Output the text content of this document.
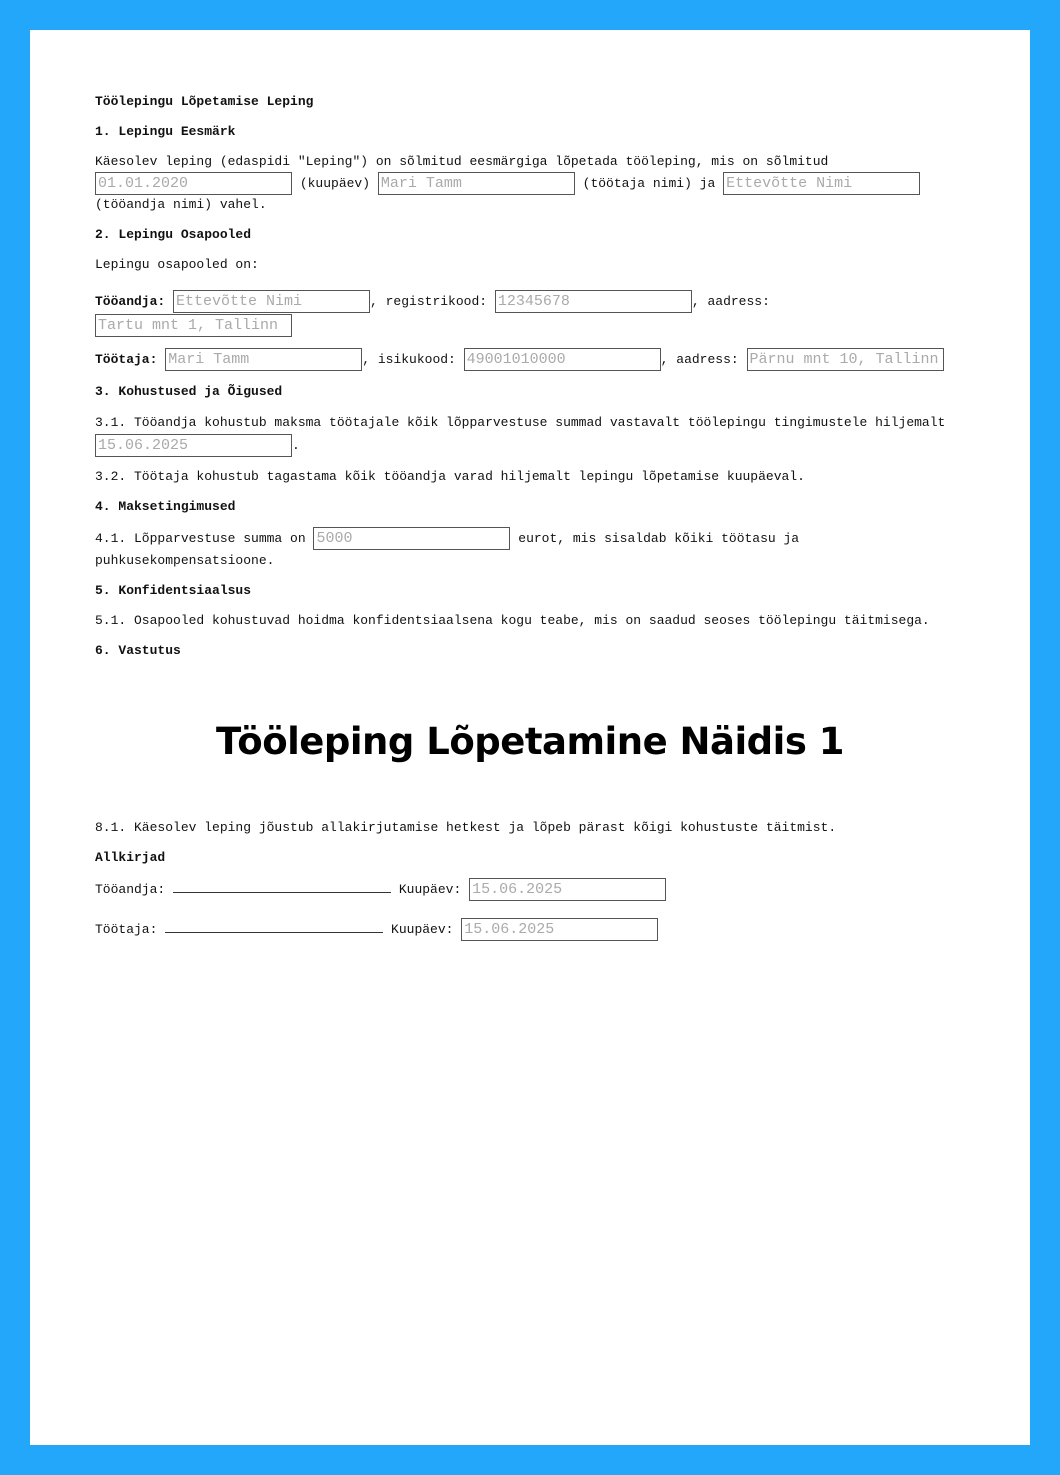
Töölepingu Lõpetamise Leping

1. Lepingu Eesmärk

Käesolev leping (edaspidi "Leping") on sõlmitud eesmärgiga lõpetada tööleping, mis on sõlmitud
01.01.2020	(kuupäev) Mari Tamm	(töötaja nimi) ja Ettevõtte Nimi
(tööandja nimi) vahel.

2. Lepingu Osapooled

Lepingu osapooled on:

Tööandja: Ettevõtte Nimi	, registrikood: 12345678	, aadress:
Tartu mnt 1, Tallinn

Töötaja: Mari Tamm	, isikukood: 49001010000	, aadress: Pärnu mnt 10, Tallinn

3. Kohustused ja Õigused

3.1. Tööandja kohustub maksma töötajale kõik lõpparvestuse summad vastavalt töölepingu tingimustele hiljemalt 15.06.2025	.

3.2. Töötaja kohustub tagastama kõik tööandja varad hiljemalt lepingu lõpetamise kuupäeval.

4. Maksetingimused

4.1. Lõpparvestuse summa on 5000	eurot, mis sisaldab kõiki töötasu ja puhkusekompensatsioone.

5. Konfidentsiaalsus

5.1. Osapooled kohustuvad hoidma konfidentsiaalsena kogu teabe, mis on saadud seoses töölepingu täitmisega.

6. Vastutus

Tööleping Lõpetamine Näidis 1

8.1. Käesolev leping jõustub allakirjutamise hetkest ja lõpeb pärast kõigi kohustuste täitmist.

Allkirjad

Tööandja:	Kuupäev: 15.06.2025

Töötaja:	Kuupäev: 15.06.2025
